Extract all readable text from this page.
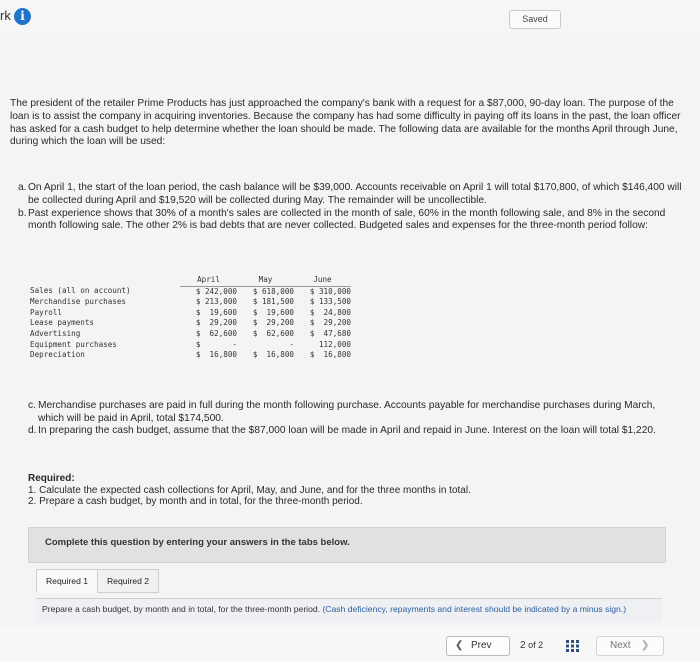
rk i	Saved
The president of the retailer Prime Products has just approached the company's bank with a request for a $87,000, 90-day loan. The purpose of the loan is to assist the company in acquiring inventories. Because the company has had some difficulty in paying off its loans in the past, the loan officer has asked for a cash budget to help determine whether the loan should be made. The following data are available for the months April through June, during which the loan will be used:
a. On April 1, the start of the loan period, the cash balance will be $39,000. Accounts receivable on April 1 will total $170,800, of which $146,400 will be collected during April and $19,520 will be collected during May. The remainder will be uncollectible.
b. Past experience shows that 30% of a month's sales are collected in the month of sale, 60% in the month following sale, and 8% in the second month following sale. The other 2% is bad debts that are never collected. Budgeted sales and expenses for the three-month period follow:
	April	May	June
Sales (all on account)	$ 242,000	$ 618,000	$ 310,000
Merchandise purchases	$ 213,000	$ 181,500	$ 133,500
Payroll	$  19,600	$  19,600	$  24,800
Lease payments	$  29,200	$  29,200	$  29,200
Advertising	$  62,600	$  62,600	$  47,680
Equipment purchases	$       -	-	112,000
Depreciation	$  16,800	$  16,800	$  16,800
c. Merchandise purchases are paid in full during the month following purchase. Accounts payable for merchandise purchases during March, which will be paid in April, total $174,500.
d. In preparing the cash budget, assume that the $87,000 loan will be made in April and repaid in June. Interest on the loan will total $1,220.
Required:
1. Calculate the expected cash collections for April, May, and June, and for the three months in total.
2. Prepare a cash budget, by month and in total, for the three-month period.
Complete this question by entering your answers in the tabs below.
Required 1	Required 2
Prepare a cash budget, by month and in total, for the three-month period. (Cash deficiency, repayments and interest should be indicated by a minus sign.)
❮ Prev	2 of 2	Next ❯
